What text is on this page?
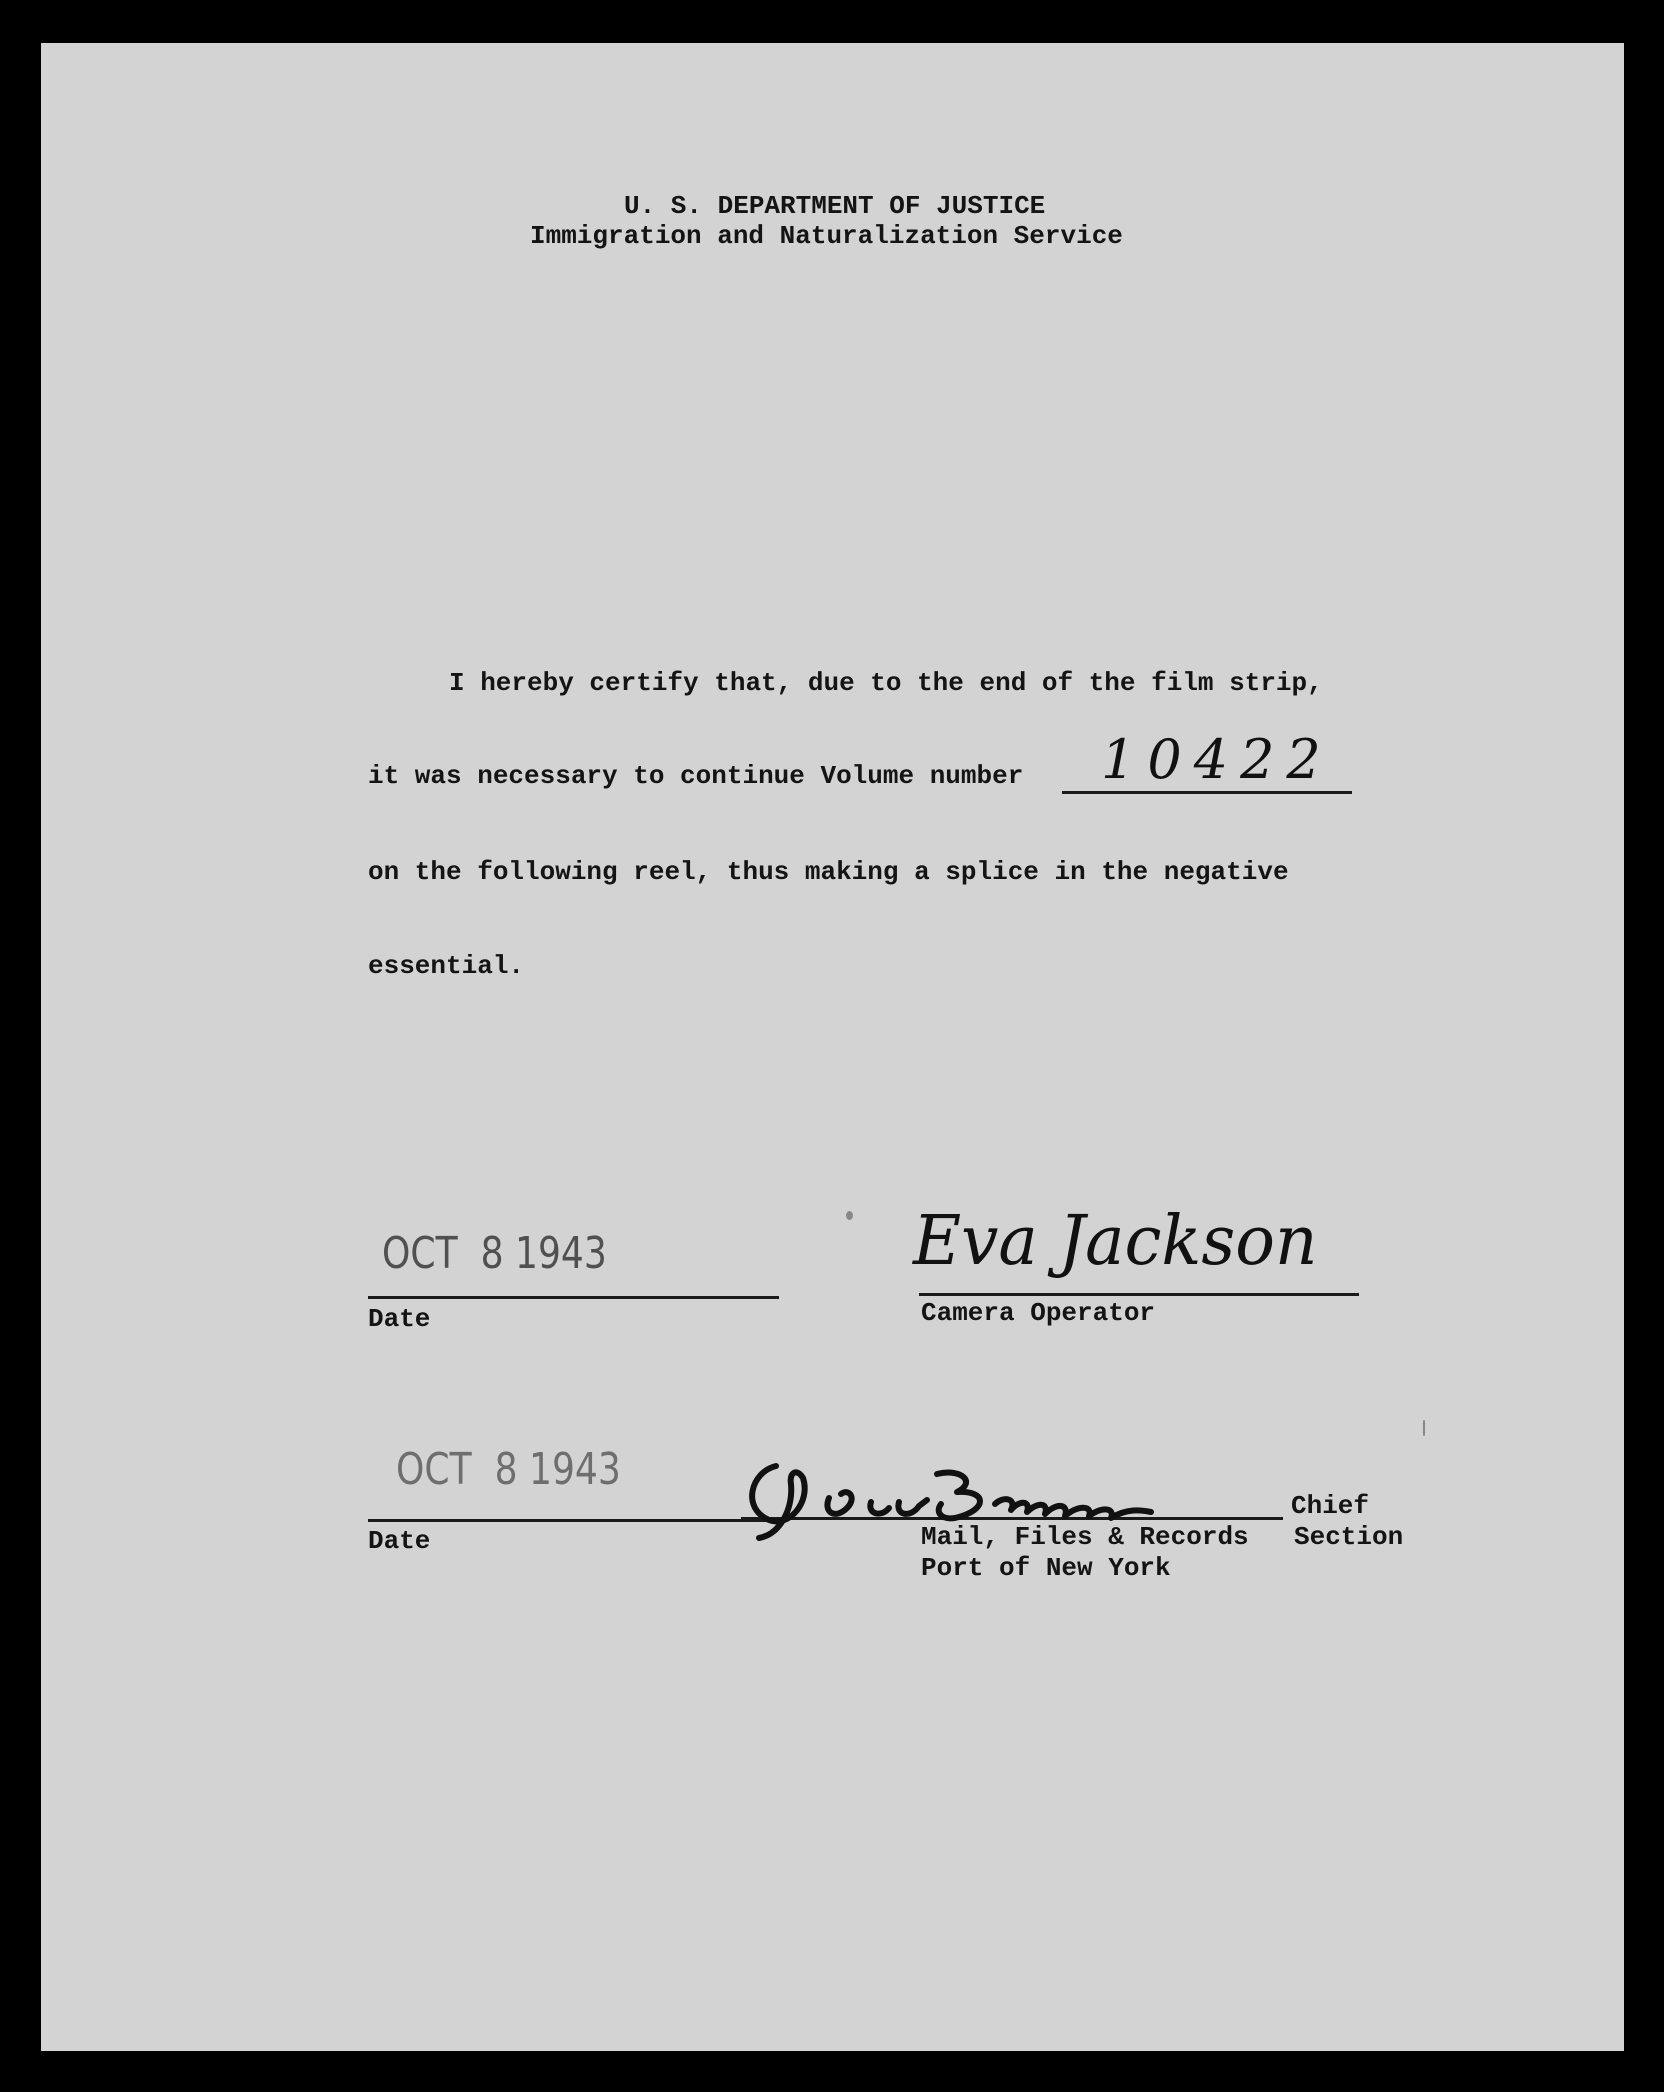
U. S. DEPARTMENT OF JUSTICE
Immigration and Naturalization Service
I hereby certify that, due to the end of the film strip,
it was necessary to continue Volume number 10422
on the following reel, thus making a splice in the negative
essential.
OCT  8 1943
Date
Eva Jackson
Camera Operator
OCT  8 1943
Date
Chief
Mail, Files & Records Section
Port of New York
